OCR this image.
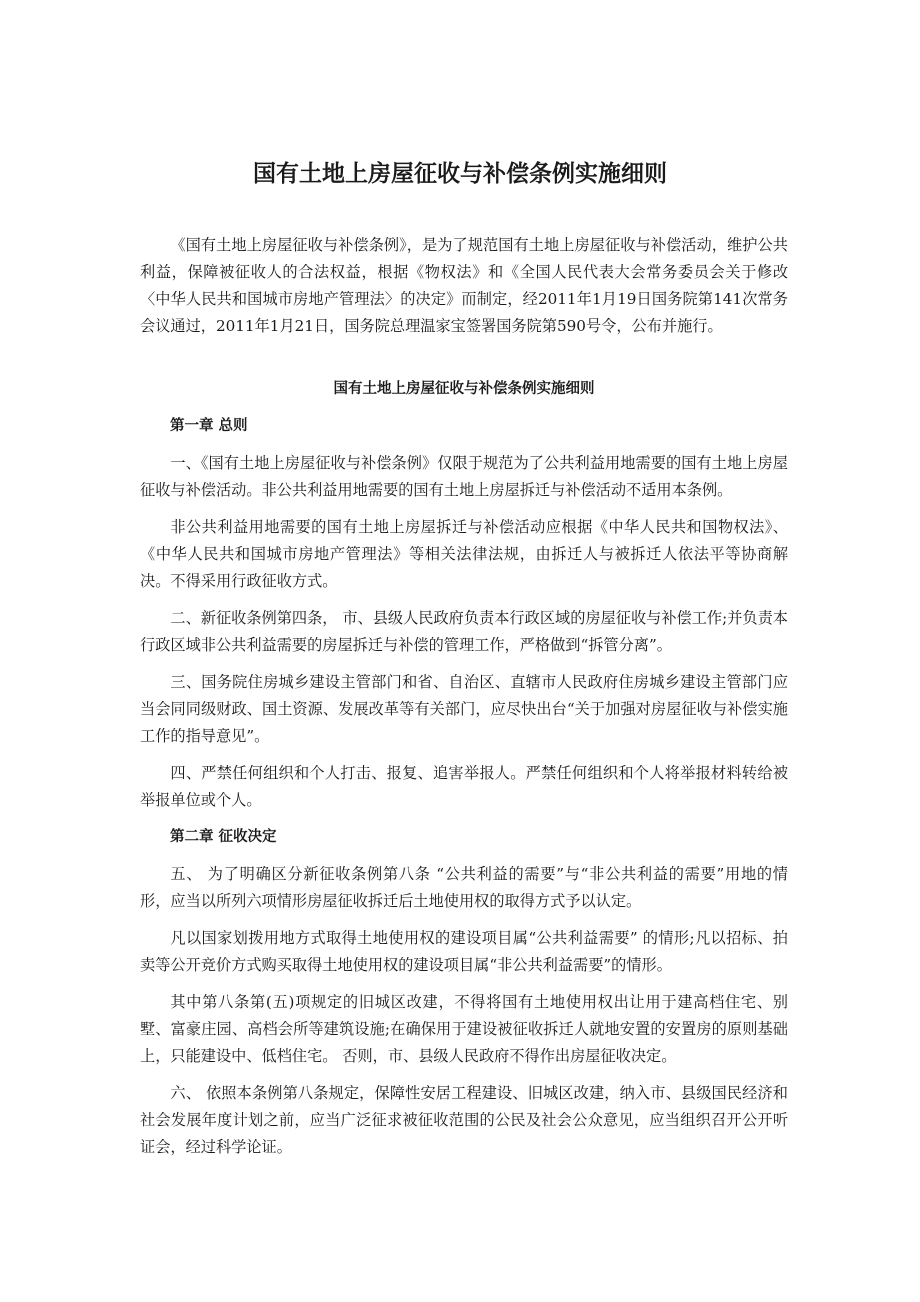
国有土地上房屋征收与补偿条例实施细则

《国有土地上房屋征收与补偿条例》，是为了规范国有土地上房屋征收与补偿活动，维护公共利益，保障被征收人的合法权益，根据《物权法》和《全国人民代表大会常务委员会关于修改〈中华人民共和国城市房地产管理法〉的决定》而制定，经2011年1月19日国务院第141次常务会议通过，2011年1月21日，国务院总理温家宝签署国务院第590号令，公布并施行。

国有土地上房屋征收与补偿条例实施细则
第一章 总则

一、《国有土地上房屋征收与补偿条例》仅限于规范为了公共利益用地需要的国有土地上房屋征收与补偿活动。非公共利益用地需要的国有土地上房屋拆迁与补偿活动不适用本条例。

非公共利益用地需要的国有土地上房屋拆迁与补偿活动应根据《中华人民共和国物权法》、《中华人民共和国城市房地产管理法》等相关法律法规，由拆迁人与被拆迁人依法平等协商解决。不得采用行政征收方式。

二、新征收条例第四条， 市、县级人民政府负责本行政区域的房屋征收与补偿工作;并负责本行政区域非公共利益需要的房屋拆迁与补偿的管理工作，严格做到“拆管分离”。

三、国务院住房城乡建设主管部门和省、自治区、直辖市人民政府住房城乡建设主管部门应当会同同级财政、国土资源、发展改革等有关部门，应尽快出台“关于加强对房屋征收与补偿实施工作的指导意见”。

四、严禁任何组织和个人打击、报复、追害举报人。严禁任何组织和个人将举报材料转给被举报单位或个人。

第二章 征收决定

五、 为了明确区分新征收条例第八条 “公共利益的需要”与“非公共利益的需要”用地的情形，应当以所列六项情形房屋征收拆迁后土地使用权的取得方式予以认定。

凡以国家划拨用地方式取得土地使用权的建设项目属“公共利益需要” 的情形;凡以招标、拍卖等公开竞价方式购买取得土地使用权的建设项目属“非公共利益需要”的情形。

其中第八条第(五)项规定的旧城区改建，不得将国有土地使用权出让用于建高档住宅、别墅、富豪庄园、高档会所等建筑设施;在确保用于建设被征收拆迁人就地安置的安置房的原则基础上，只能建设中、低档住宅。 否则，市、县级人民政府不得作出房屋征收决定。

六、 依照本条例第八条规定，保障性安居工程建设、旧城区改建，纳入市、县级国民经济和社会发展年度计划之前，应当广泛征求被征收范围的公民及社会公众意见，应当组织召开公开听证会，经过科学论证。
